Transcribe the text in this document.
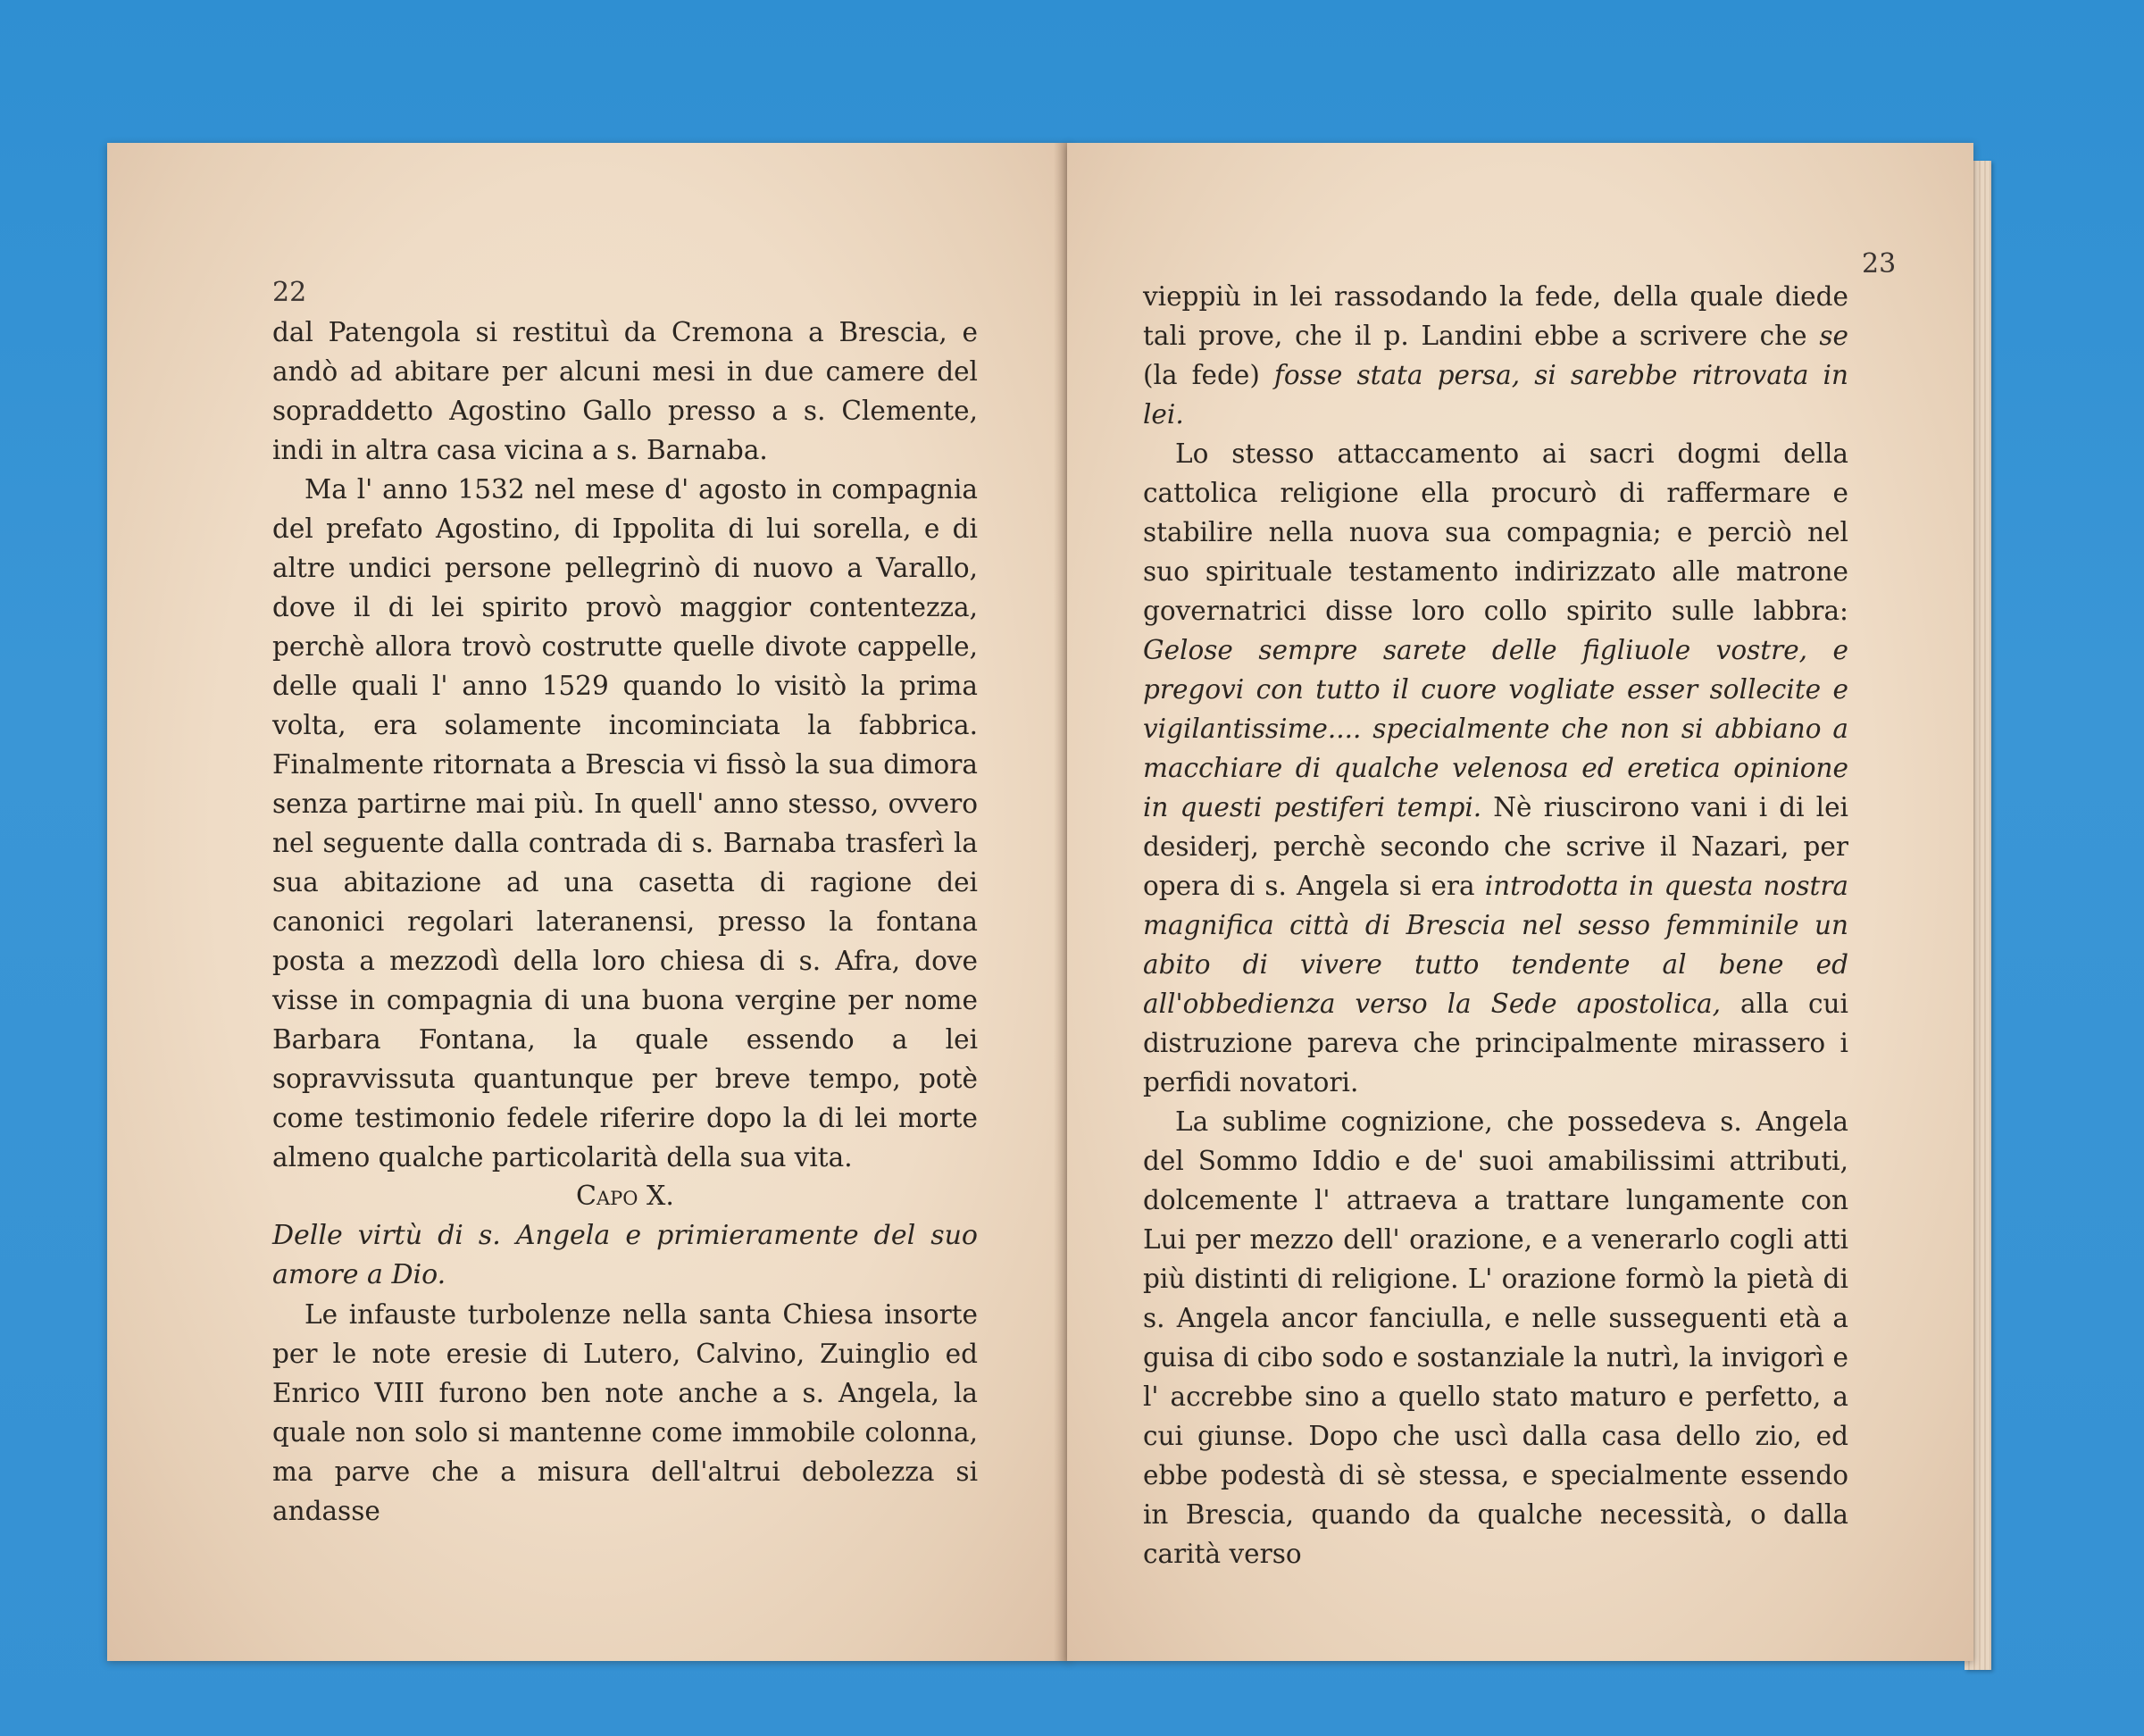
22

dal Patengola si restituì da Cremona a Brescia, e andò ad abitare per alcuni mesi in due camere del sopraddetto Agostino Gallo presso a s. Clemente, indi in altra casa vicina a s. Barnaba.

Ma l' anno 1532 nel mese d' agosto in compagnia del prefato Agostino, di Ippolita di lui sorella, e di altre undici persone pellegrinò di nuovo a Varallo, dove il di lei spirito provò maggior contentezza, perchè allora trovò costrutte quelle divote cappelle, delle quali l' anno 1529 quando lo visitò la prima volta, era solamente incominciata la fabbrica. Finalmente ritornata a Brescia vi fissò la sua dimora senza partirne mai più. In quell' anno stesso, ovvero nel seguente dalla contrada di s. Barnaba trasferì la sua abitazione ad una casetta di ragione dei canonici regolari lateranensi, presso la fontana posta a mezzodì della loro chiesa di s. Afra, dove visse in compagnia di una buona vergine per nome Barbara Fontana, la quale essendo a lei sopravvissuta quantunque per breve tempo, potè come testimonio fedele riferire dopo la di lei morte almeno qualche particolarità della sua vita.

Capo X.

Delle virtù di s. Angela e primieramente del suo amore a Dio.

Le infauste turbolenze nella santa Chiesa insorte per le note eresie di Lutero, Calvino, Zuinglio ed Enrico VIII furono ben note anche a s. Angela, la quale non solo si mantenne come immobile colonna, ma parve che a misura dell'altrui debolezza si andasse

23

vieppiù in lei rassodando la fede, della quale diede tali prove, che il p. Landini ebbe a scrivere che se (la fede) fosse stata persa, si sarebbe ritrovata in lei.

Lo stesso attaccamento ai sacri dogmi della cattolica religione ella procurò di raffermare e stabilire nella nuova sua compagnia; e perciò nel suo spirituale testamento indirizzato alle matrone governatrici disse loro collo spirito sulle labbra: Gelose sempre sarete delle figliuole vostre, e pregovi con tutto il cuore vogliate esser sollecite e vigilantissime.... specialmente che non si abbiano a macchiare di qualche velenosa ed eretica opinione in questi pestiferi tempi. Nè riuscirono vani i di lei desiderj, perchè secondo che scrive il Nazari, per opera di s. Angela si era introdotta in questa nostra magnifica città di Brescia nel sesso femminile un abito di vivere tutto tendente al bene ed all'obbedienza verso la Sede apostolica, alla cui distruzione pareva che principalmente mirassero i perfidi novatori.

La sublime cognizione, che possedeva s. Angela del Sommo Iddio e de' suoi amabilissimi attributi, dolcemente l' attraeva a trattare lungamente con Lui per mezzo dell' orazione, e a venerarlo cogli atti più distinti di religione. L' orazione formò la pietà di s. Angela ancor fanciulla, e nelle susseguenti età a guisa di cibo sodo e sostanziale la nutrì, la invigorì e l' accrebbe sino a quello stato maturo e perfetto, a cui giunse. Dopo che uscì dalla casa dello zio, ed ebbe podestà di sè stessa, e specialmente essendo in Brescia, quando da qualche necessità, o dalla carità verso
